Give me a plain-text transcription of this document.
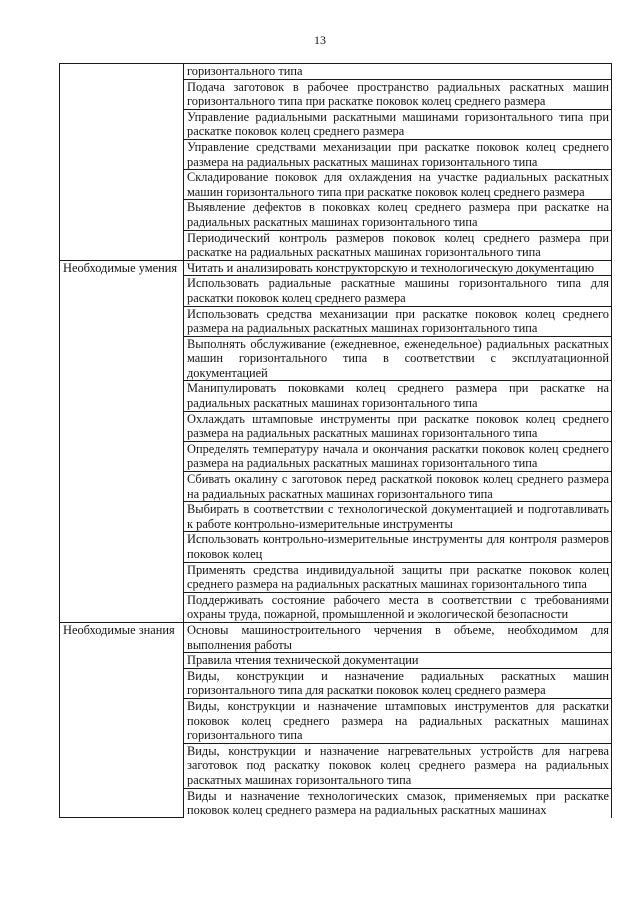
13
	горизонтального типа
	Подача заготовок в рабочее пространство радиальных раскатных машин горизонтального типа при раскатке поковок колец среднего размера
	Управление радиальными раскатными машинами горизонтального типа при раскатке поковок колец среднего размера
	Управление средствами механизации при раскатке поковок колец среднего размера на радиальных раскатных машинах горизонтального типа
	Складирование поковок для охлаждения на участке радиальных раскатных машин горизонтального типа при раскатке поковок колец среднего размера
	Выявление дефектов в поковках колец среднего размера при раскатке на радиальных раскатных машинах горизонтального типа
	Периодический контроль размеров поковок колец среднего размера при раскатке на радиальных раскатных машинах горизонтального типа
Необходимые умения	Читать и анализировать конструкторскую и технологическую документацию
	Использовать радиальные раскатные машины горизонтального типа для раскатки поковок колец среднего размера
	Использовать средства механизации при раскатке поковок колец среднего размера на радиальных раскатных машинах горизонтального типа
	Выполнять обслуживание (ежедневное, еженедельное) радиальных раскатных машин горизонтального типа в соответствии с эксплуатационной документацией
	Манипулировать поковками колец среднего размера при раскатке на радиальных раскатных машинах горизонтального типа
	Охлаждать штамповые инструменты при раскатке поковок колец среднего размера на радиальных раскатных машинах горизонтального типа
	Определять температуру начала и окончания раскатки поковок колец среднего размера на радиальных раскатных машинах горизонтального типа
	Сбивать окалину с заготовок перед раскаткой поковок колец среднего размера на радиальных раскатных машинах горизонтального типа
	Выбирать в соответствии с технологической документацией и подготавливать к работе контрольно-измерительные инструменты
	Использовать контрольно-измерительные инструменты для контроля размеров поковок колец
	Применять средства индивидуальной защиты при раскатке поковок колец среднего размера на радиальных раскатных машинах горизонтального типа
	Поддерживать состояние рабочего места в соответствии с требованиями охраны труда, пожарной, промышленной и экологической безопасности
Необходимые знания	Основы машиностроительного черчения в объеме, необходимом для выполнения работы
	Правила чтения технической документации
	Виды, конструкции и назначение радиальных раскатных машин горизонтального типа для раскатки поковок колец среднего размера
	Виды, конструкции и назначение штамповых инструментов для раскатки поковок колец среднего размера на радиальных раскатных машинах горизонтального типа
	Виды, конструкции и назначение нагревательных устройств для нагрева заготовок под раскатку поковок колец среднего размера на радиальных раскатных машинах горизонтального типа
	Виды и назначение технологических смазок, применяемых при раскатке поковок колец среднего размера на радиальных раскатных машинах
